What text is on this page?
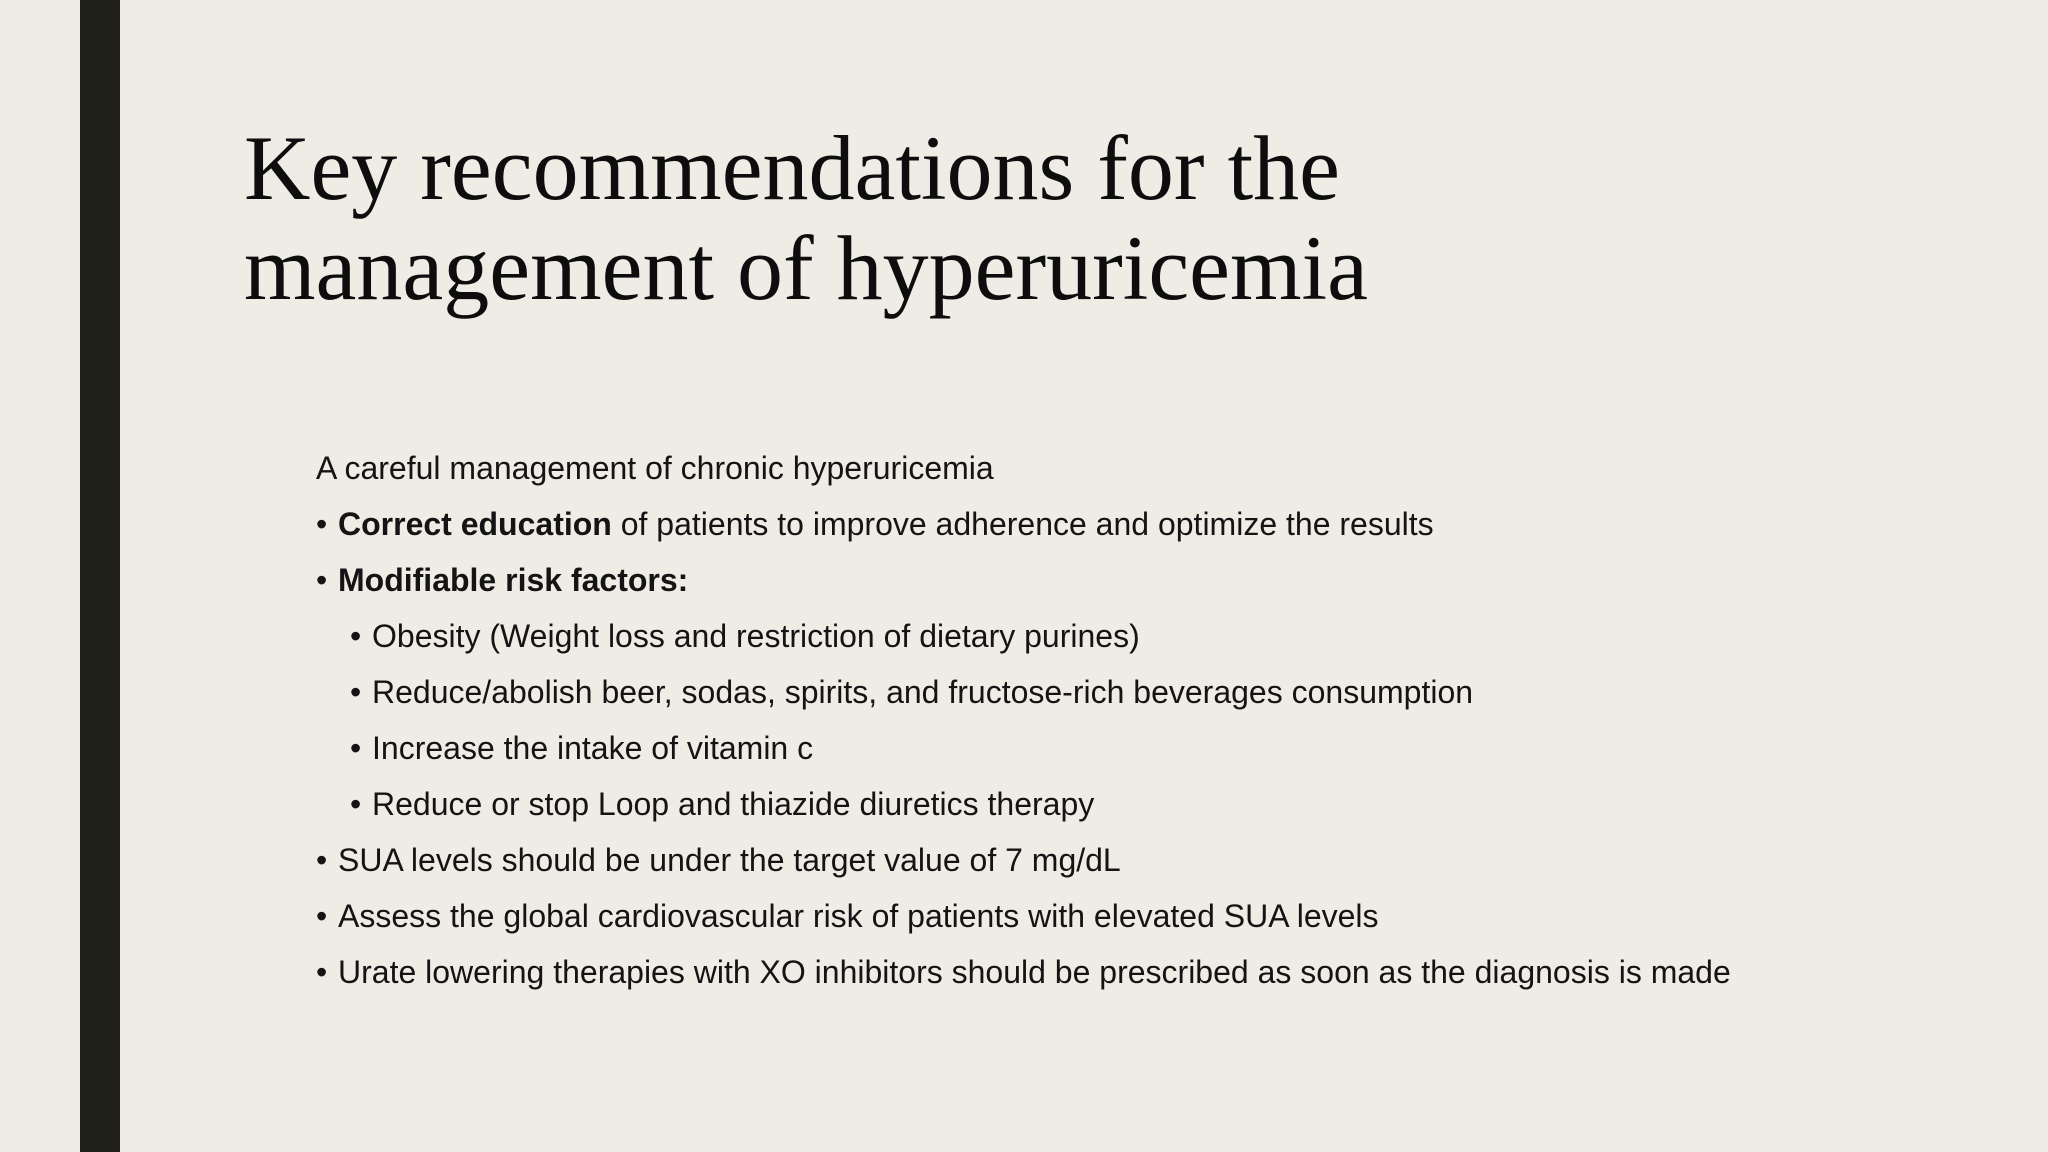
Key recommendations for the
management of hyperuricemia
A careful management of chronic hyperuricemia
• Correct education of patients to improve adherence and optimize the results
• Modifiable risk factors:
• Obesity (Weight loss and restriction of dietary purines)
• Reduce/abolish beer, sodas, spirits, and fructose-rich beverages consumption
• Increase the intake of vitamin c
• Reduce or stop Loop and thiazide diuretics therapy
• SUA levels should be under the target value of 7 mg/dL
• Assess the global cardiovascular risk of patients with elevated SUA levels
• Urate lowering therapies with XO inhibitors should be prescribed as soon as the diagnosis is made
